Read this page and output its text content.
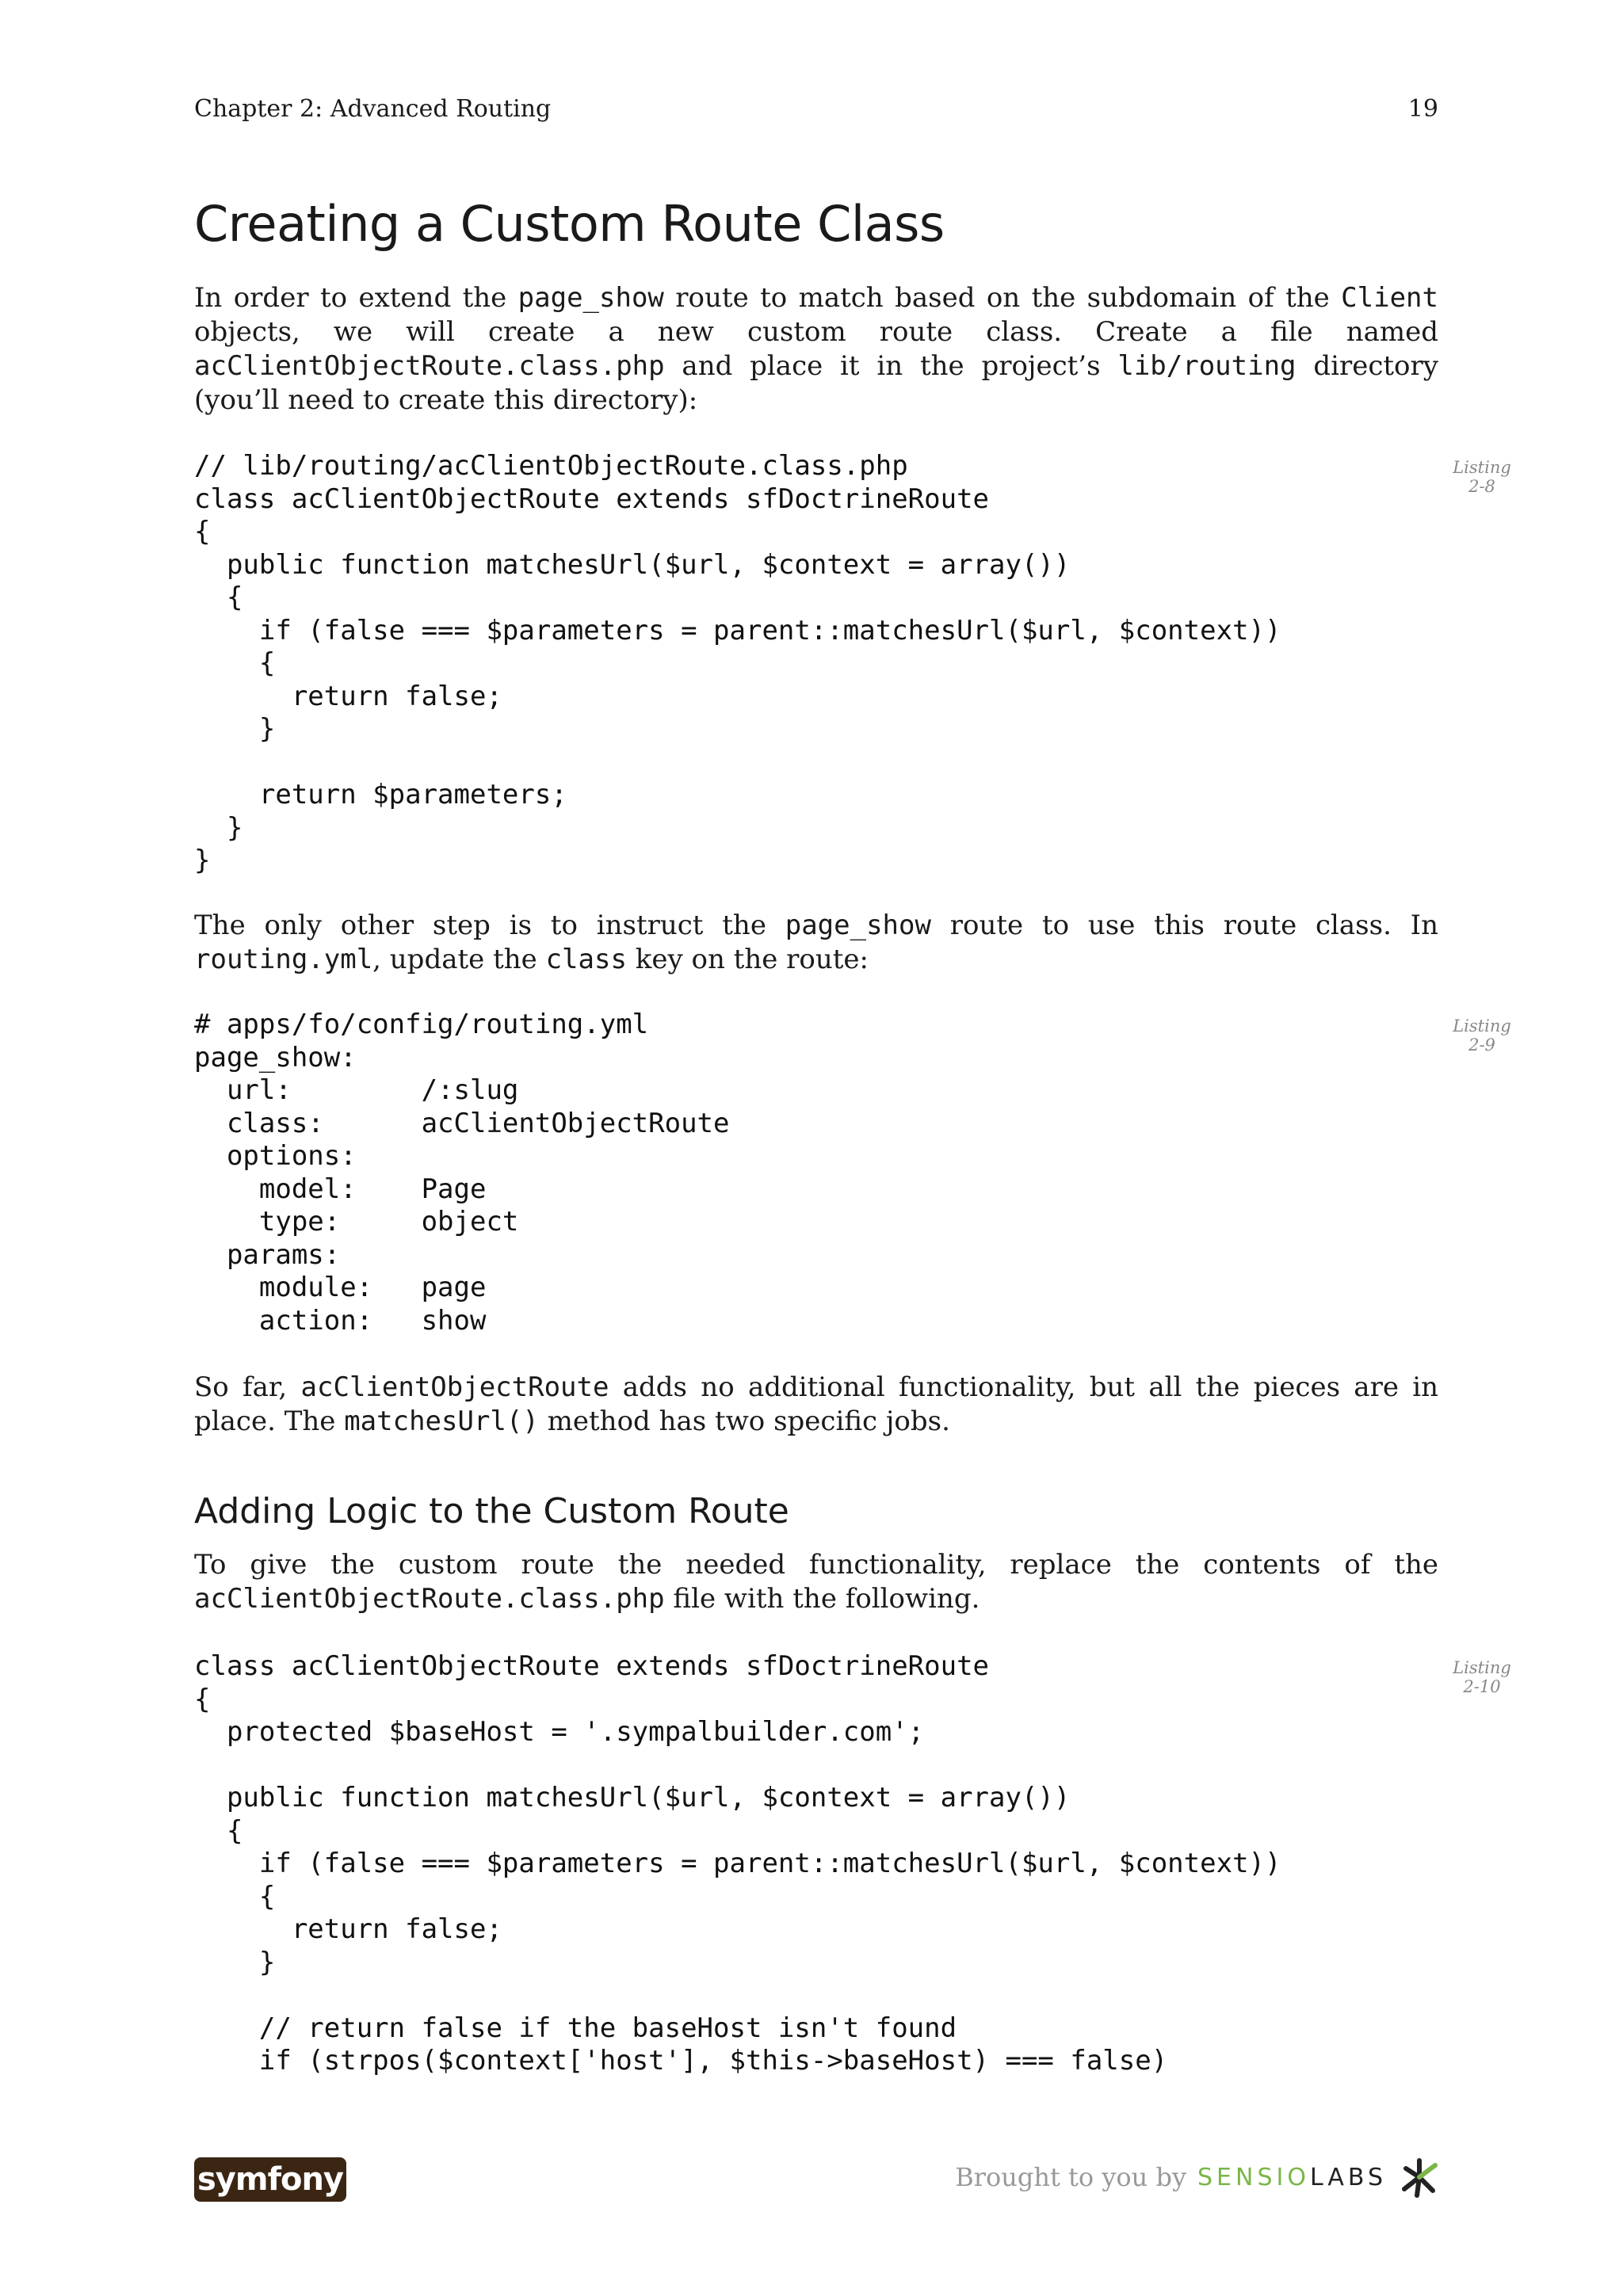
Chapter 2: Advanced Routing	19
Creating a Custom Route Class

In order to extend the page_show route to match based on the subdomain of the Client objects, we will create a new custom route class. Create a file named acClientObjectRoute.class.php and place it in the project’s lib/routing directory (you’ll need to create this directory):

// lib/routing/acClientObjectRoute.class.php
class acClientObjectRoute extends sfDoctrineRoute
{
public function matchesUrl($url, $context = array())
{
if (false === $parameters = parent::matchesUrl($url, $context))
{
return false;
}

return $parameters;
}
}
Listing
2-8

The only other step is to instruct the page_show route to use this route class. In routing.yml, update the class key on the route:

# apps/fo/config/routing.yml
page_show:
url:        /:slug
class:      acClientObjectRoute
options:
model:    Page
type:     object
params:
module:   page
action:   show
Listing
2-9

So far, acClientObjectRoute adds no additional functionality, but all the pieces are in place. The matchesUrl() method has two specific jobs.

Adding Logic to the Custom Route

To give the custom route the needed functionality, replace the contents of the acClientObjectRoute.class.php file with the following.

class acClientObjectRoute extends sfDoctrineRoute
{
protected $baseHost = '.sympalbuilder.com';

public function matchesUrl($url, $context = array())
{
if (false === $parameters = parent::matchesUrl($url, $context))
{
return false;
}

// return false if the baseHost isn't found
if (strpos($context['host'], $this->baseHost) === false)
Listing
2-10
symfony	Brought to you by SENSIO LABS
